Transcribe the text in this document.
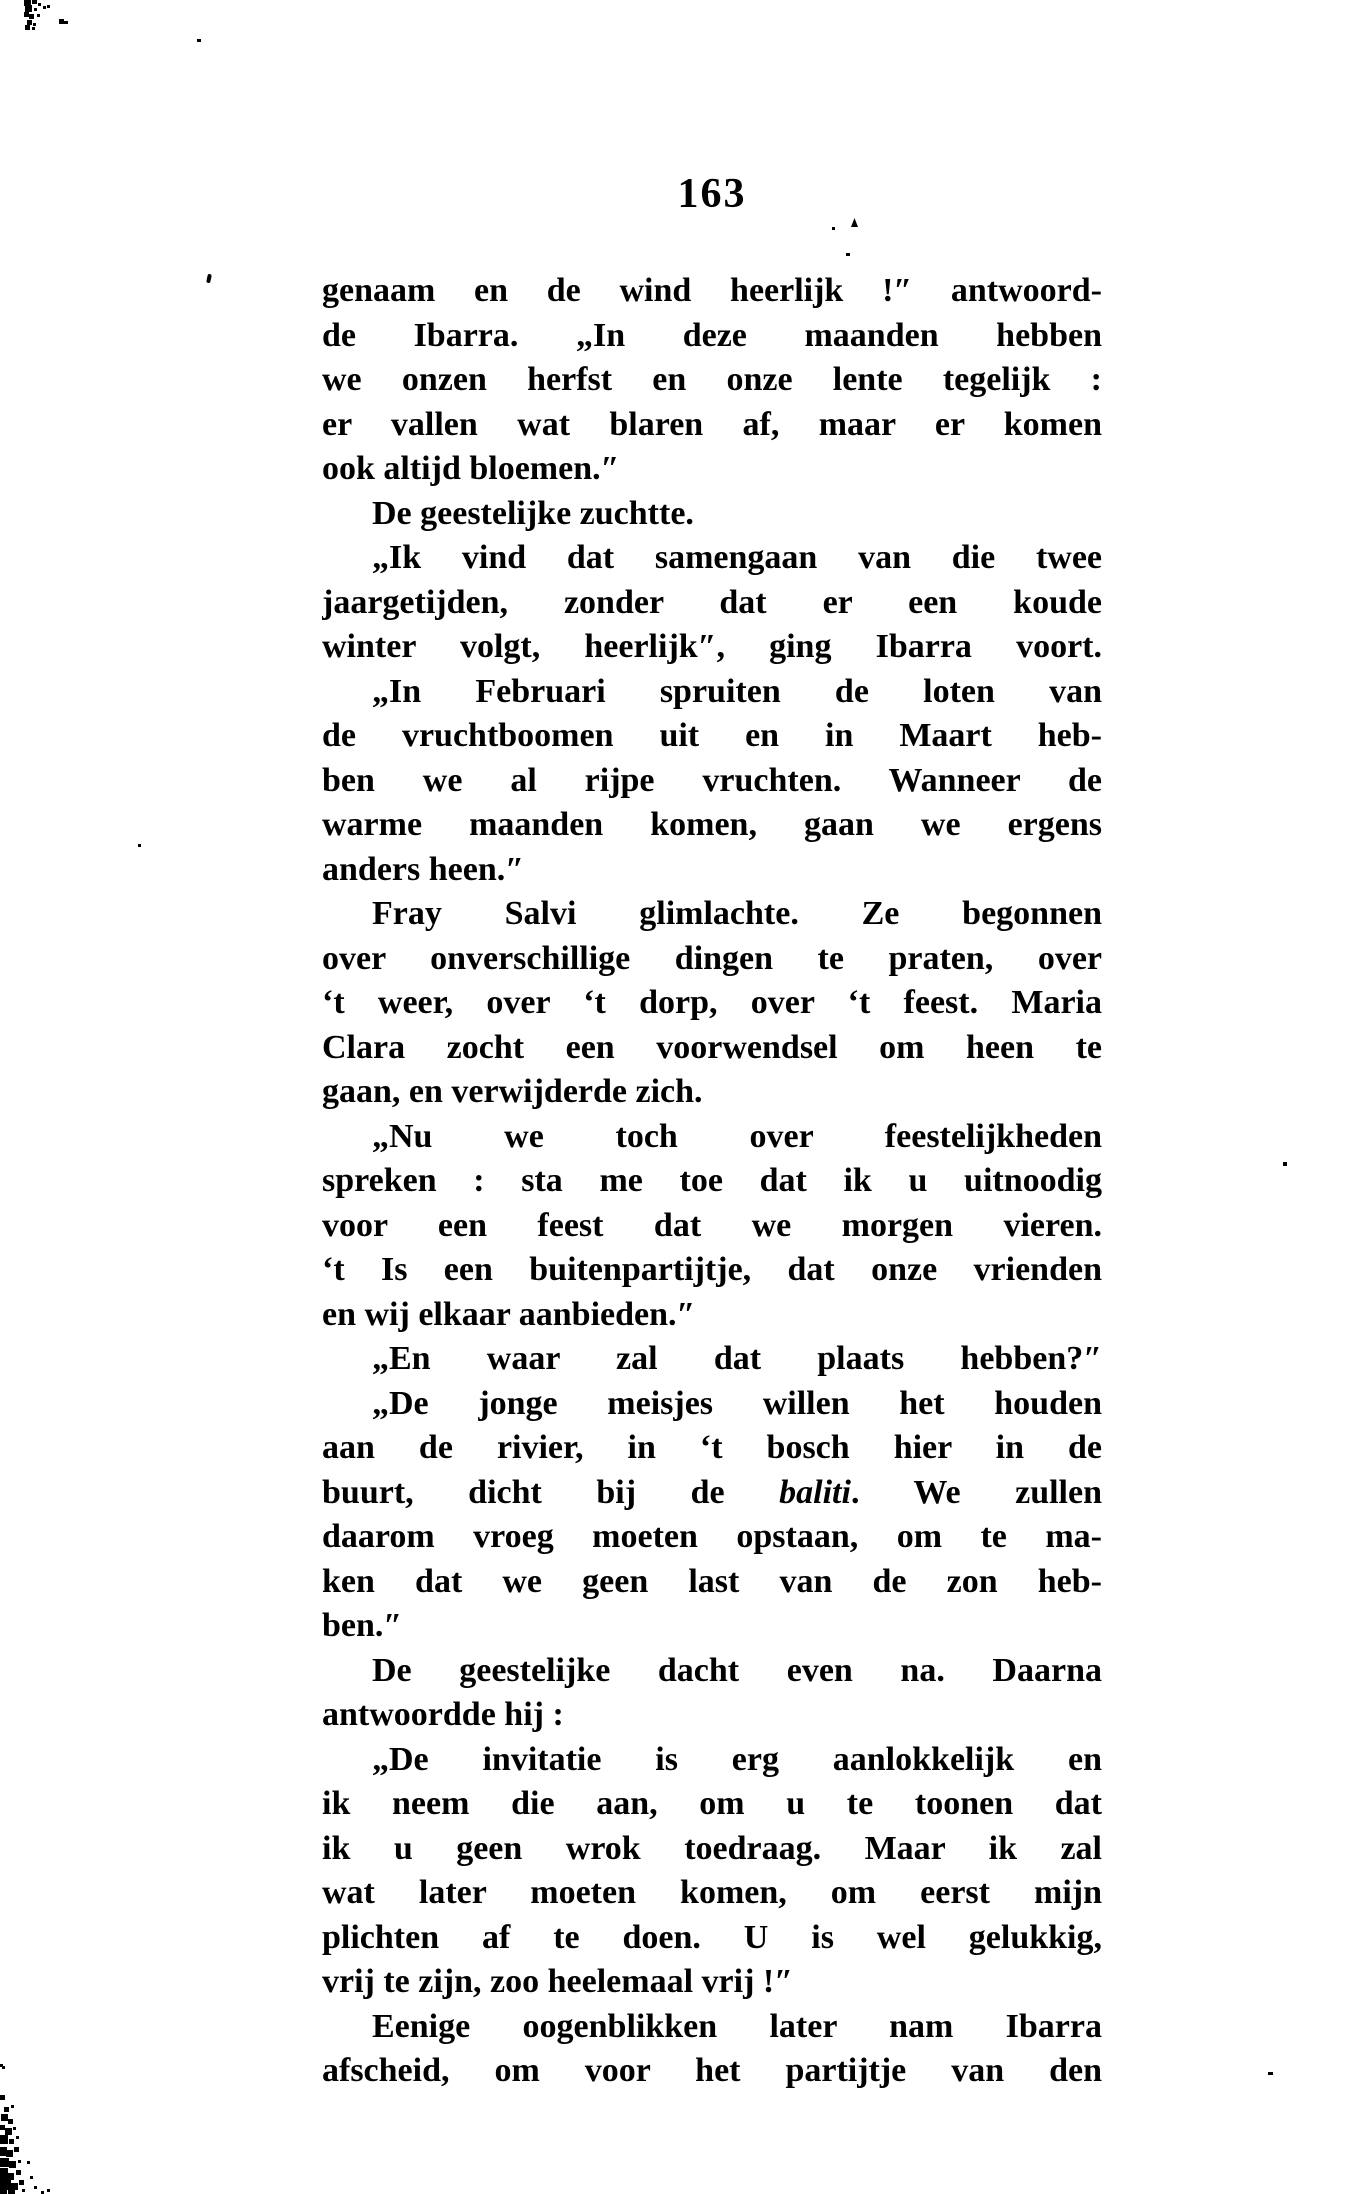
163
genaam en de wind heerlijk !″ antwoord-
de Ibarra. „In deze maanden hebben
we onzen herfst en onze lente tegelijk :
er vallen wat blaren af, maar er komen
ook altijd bloemen.″
De geestelijke zuchtte.
„Ik vind dat samengaan van die twee
jaargetijden, zonder dat er een koude
winter volgt, heerlijk″, ging Ibarra voort.
„In Februari spruiten de loten van
de vruchtboomen uit en in Maart heb-
ben we al rijpe vruchten. Wanneer de
warme maanden komen, gaan we ergens
anders heen.″
Fray Salvi glimlachte. Ze begonnen
over onverschillige dingen te praten, over
‘t weer, over ‘t dorp, over ‘t feest. Maria
Clara zocht een voorwendsel om heen te
gaan, en verwijderde zich.
„Nu we toch over feestelijkheden
spreken : sta me toe dat ik u uitnoodig
voor een feest dat we morgen vieren.
‘t Is een buitenpartijtje, dat onze vrienden
en wij elkaar aanbieden.″
„En waar zal dat plaats hebben?″
„De jonge meisjes willen het houden
aan de rivier, in ‘t bosch hier in de
buurt, dicht bij de baliti. We zullen
daarom vroeg moeten opstaan, om te ma-
ken dat we geen last van de zon heb-
ben.″
De geestelijke dacht even na. Daarna
antwoordde hij :
„De invitatie is erg aanlokkelijk en
ik neem die aan, om u te toonen dat
ik u geen wrok toedraag. Maar ik zal
wat later moeten komen, om eerst mijn
plichten af te doen. U is wel gelukkig,
vrij te zijn, zoo heelemaal vrij !″
Eenige oogenblikken later nam Ibarra
afscheid, om voor het partijtje van den
